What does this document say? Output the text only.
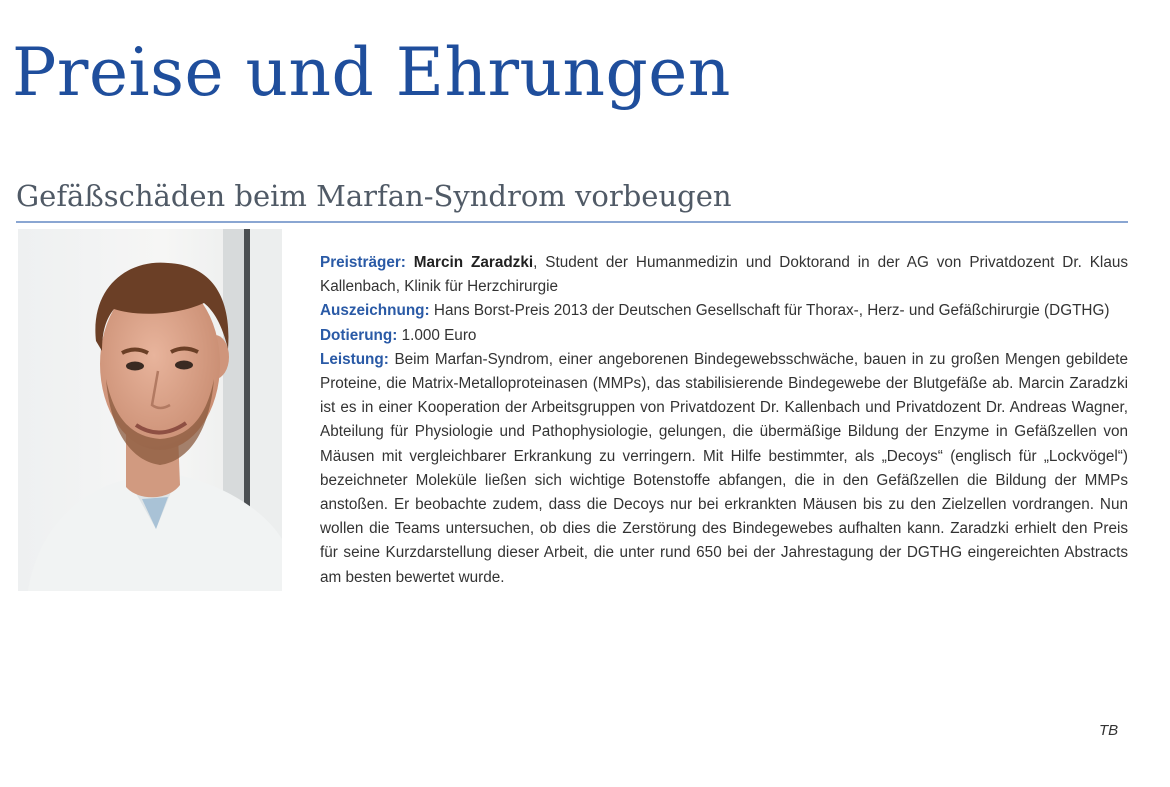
Preise und Ehrungen
Gefäßschäden beim Marfan-Syndrom vorbeugen

Preisträger: Marcin Zaradzki, Student der Humanmedizin und Doktorand in der AG von Privatdozent Dr. Klaus Kallenbach, Klinik für Herzchirurgie

Auszeichnung: Hans Borst-Preis 2013 der Deutschen Gesellschaft für Thorax-, Herz- und Gefäßchirurgie (DGTHG)

Dotierung: 1.000 Euro

Leistung: Beim Marfan-Syndrom, einer angeborenen Bindegewebsschwäche, bauen in zu großen Mengen gebildete Proteine, die Matrix-Metalloproteinasen (MMPs), das stabilisierende Bindegewebe der Blutgefäße ab. Marcin Zaradzki ist es in einer Kooperation der Arbeitsgruppen von Privatdozent Dr. Kallenbach und Privatdozent Dr. Andreas Wagner, Abteilung für Physiologie und Pathophysiologie, gelungen, die übermäßige Bildung der Enzyme in Gefäßzellen von Mäusen mit vergleichbarer Erkrankung zu verringern. Mit Hilfe bestimmter, als „Decoys“ (englisch für „Lockvögel“) bezeichneter Moleküle ließen sich wichtige Botenstoffe abfangen, die in den Gefäßzellen die Bildung der MMPs anstoßen. Er beobachte zudem, dass die Decoys nur bei erkrankten Mäusen bis zu den Zielzellen vordrangen. Nun wollen die Teams untersuchen, ob dies die Zerstörung des Bindegewebes aufhalten kann. Zaradzki erhielt den Preis für seine Kurzdarstellung dieser Arbeit, die unter rund 650 bei der Jahrestagung der DGTHG eingereichten Abstracts am besten bewertet wurde.

TB
